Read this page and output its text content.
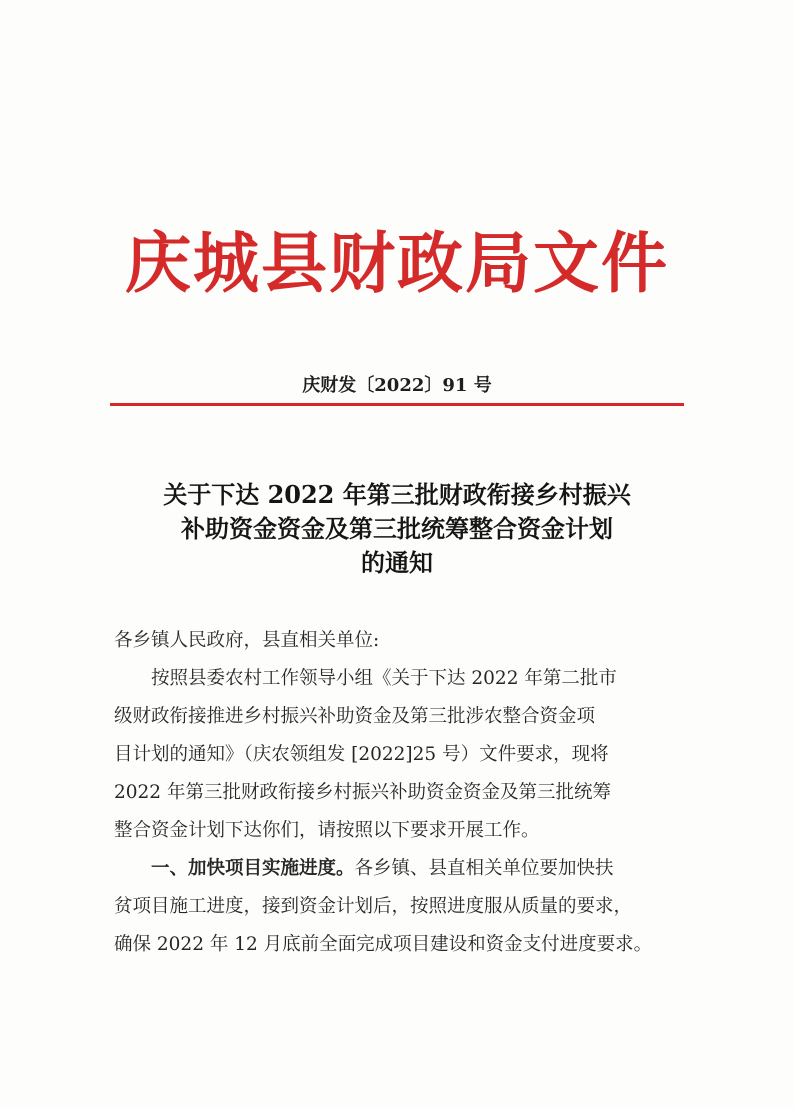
庆城县财政局文件
庆财发〔2022〕91 号
关于下达 2022 年第三批财政衔接乡村振兴
补助资金资金及第三批统筹整合资金计划
的通知
各乡镇人民政府，县直相关单位:
按照县委农村工作领导小组《关于下达 2022 年第二批市
级财政衔接推进乡村振兴补助资金及第三批涉农整合资金项
目计划的通知》（庆农领组发 [2022]25 号）文件要求，现将
2022 年第三批财政衔接乡村振兴补助资金资金及第三批统筹
整合资金计划下达你们，请按照以下要求开展工作。
一、加快项目实施进度。各乡镇、县直相关单位要加快扶
贫项目施工进度，接到资金计划后，按照进度服从质量的要求，
确保 2022 年 12 月底前全面完成项目建设和资金支付进度要求。
